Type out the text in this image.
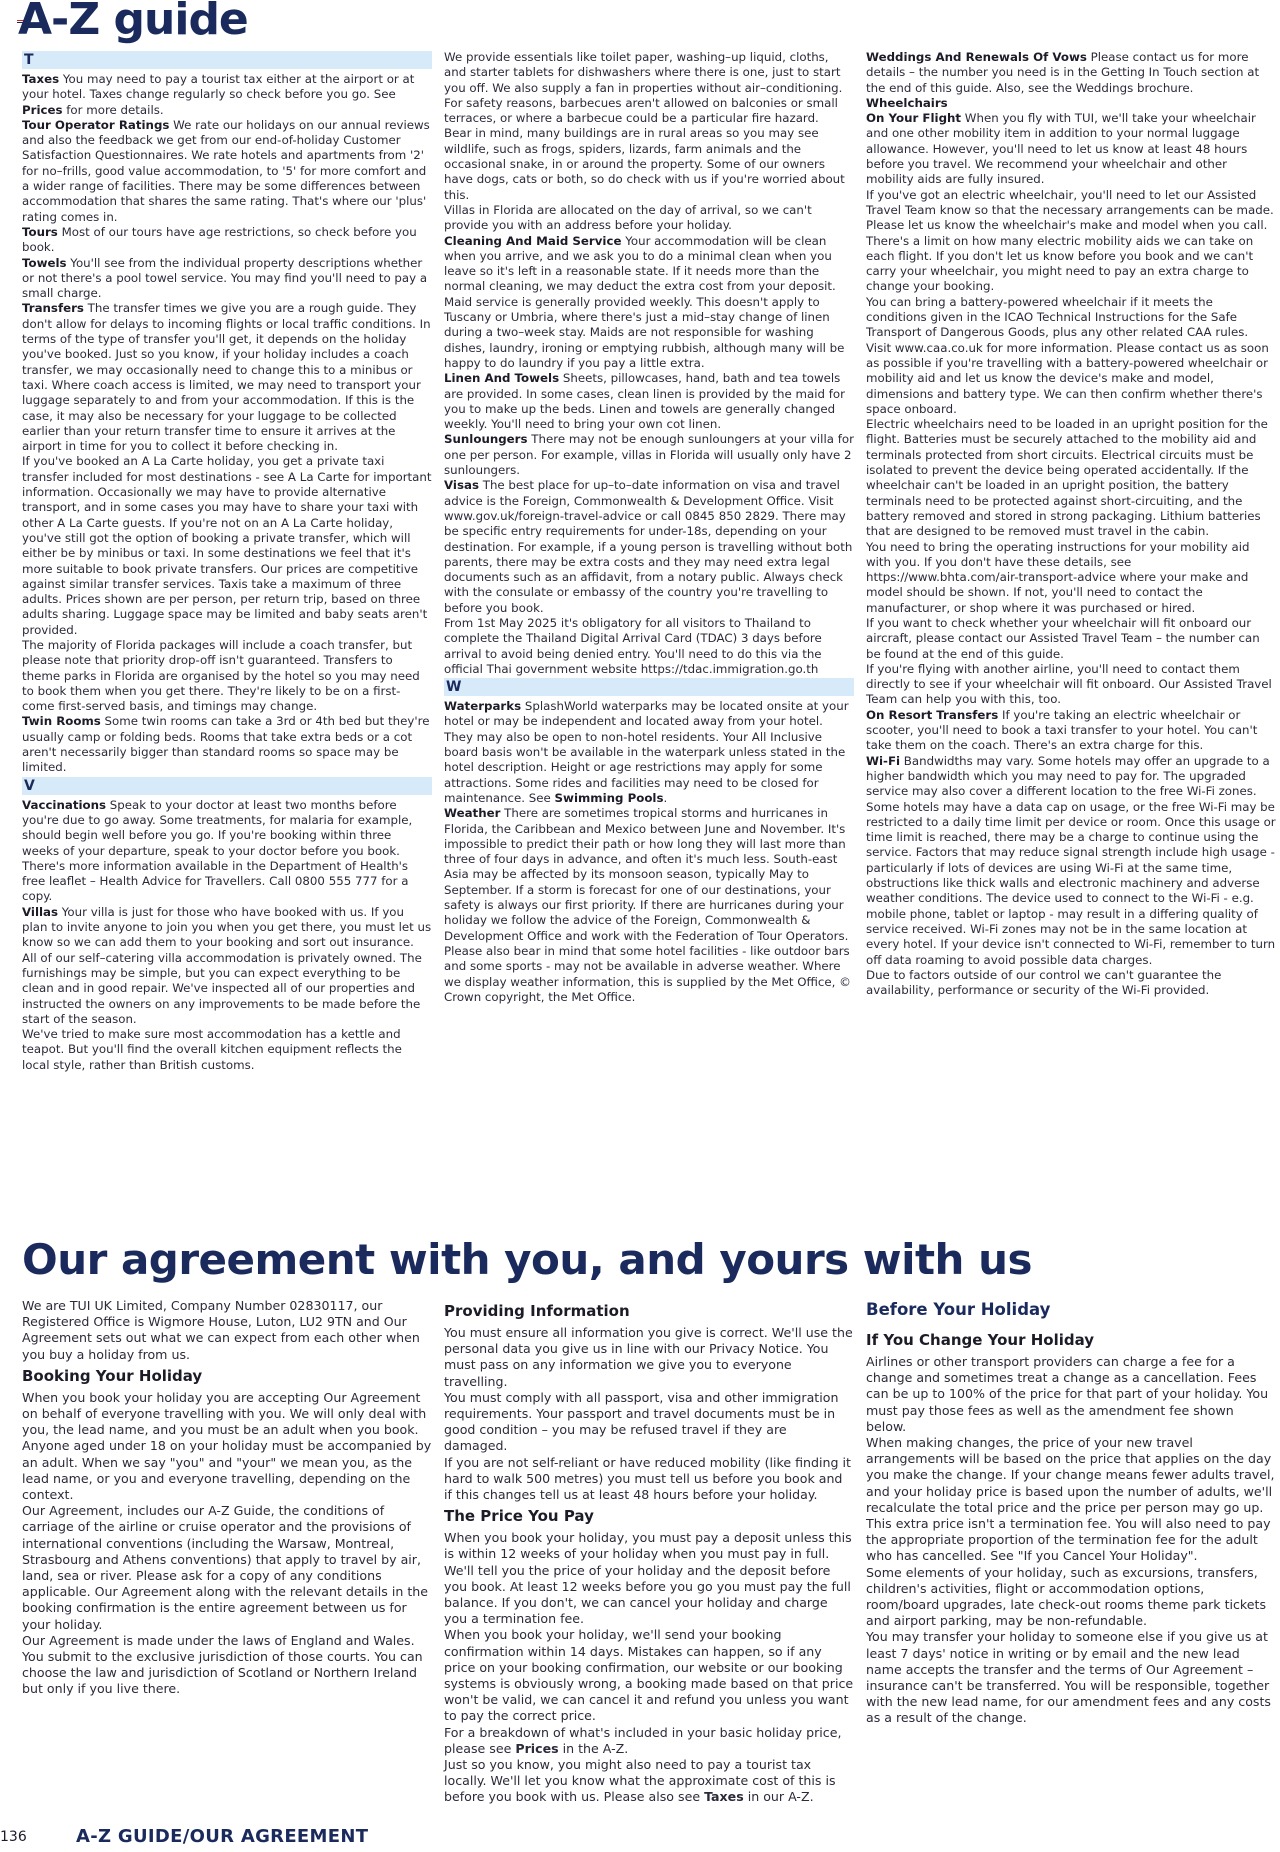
A-Z guide
T

Taxes You may need to pay a tourist tax either at the airport or at your hotel. Taxes change regularly so check before you go. See Prices for more details.

Tour Operator Ratings We rate our holidays on our annual reviews and also the feedback we get from our end-of-holiday Customer Satisfaction Questionnaires. We rate hotels and apartments from '2' for no–frills, good value accommodation, to '5' for more comfort and a wider range of facilities. There may be some differences between accommodation that shares the same rating. That's where our 'plus' rating comes in.

Tours Most of our tours have age restrictions, so check before you book.

Towels You'll see from the individual property descriptions whether or not there's a pool towel service. You may find you'll need to pay a small charge.

Transfers The transfer times we give you are a rough guide. They don't allow for delays to incoming flights or local traffic conditions. In terms of the type of transfer you'll get, it depends on the holiday you've booked. Just so you know, if your holiday includes a coach transfer, we may occasionally need to change this to a minibus or taxi. Where coach access is limited, we may need to transport your luggage separately to and from your accommodation. If this is the case, it may also be necessary for your luggage to be collected earlier than your return transfer time to ensure it arrives at the airport in time for you to collect it before checking in.

If you've booked an A La Carte holiday, you get a private taxi transfer included for most destinations - see A La Carte for important information. Occasionally we may have to provide alternative transport, and in some cases you may have to share your taxi with other A La Carte guests. If you're not on an A La Carte holiday, you've still got the option of booking a private transfer, which will either be by minibus or taxi. In some destinations we feel that it's more suitable to book private transfers. Our prices are competitive against similar transfer services. Taxis take a maximum of three adults. Prices shown are per person, per return trip, based on three adults sharing. Luggage space may be limited and baby seats aren't provided.

The majority of Florida packages will include a coach transfer, but please note that priority drop-off isn't guaranteed. Transfers to theme parks in Florida are organised by the hotel so you may need to book them when you get there. They're likely to be on a first-come first-served basis, and timings may change.

Twin Rooms Some twin rooms can take a 3rd or 4th bed but they're usually camp or folding beds. Rooms that take extra beds or a cot aren't necessarily bigger than standard rooms so space may be limited.

V

Vaccinations Speak to your doctor at least two months before you're due to go away. Some treatments, for malaria for example, should begin well before you go. If you're booking within three weeks of your departure, speak to your doctor before you book. There's more information available in the Department of Health's free leaflet – Health Advice for Travellers. Call 0800 555 777 for a copy.

Villas Your villa is just for those who have booked with us. If you plan to invite anyone to join you when you get there, you must let us know so we can add them to your booking and sort out insurance. All of our self–catering villa accommodation is privately owned. The furnishings may be simple, but you can expect everything to be clean and in good repair. We've inspected all of our properties and instructed the owners on any improvements to be made before the start of the season.

We've tried to make sure most accommodation has a kettle and teapot. But you'll find the overall kitchen equipment reflects the local style, rather than British customs.

We provide essentials like toilet paper, washing–up liquid, cloths, and starter tablets for dishwashers where there is one, just to start you off. We also supply a fan in properties without air–conditioning. For safety reasons, barbecues aren't allowed on balconies or small terraces, or where a barbecue could be a particular fire hazard.

Bear in mind, many buildings are in rural areas so you may see wildlife, such as frogs, spiders, lizards, farm animals and the occasional snake, in or around the property. Some of our owners have dogs, cats or both, so do check with us if you're worried about this.

Villas in Florida are allocated on the day of arrival, so we can't provide you with an address before your holiday.

Cleaning And Maid Service Your accommodation will be clean when you arrive, and we ask you to do a minimal clean when you leave so it's left in a reasonable state. If it needs more than the normal cleaning, we may deduct the extra cost from your deposit. Maid service is generally provided weekly. This doesn't apply to Tuscany or Umbria, where there's just a mid–stay change of linen during a two–week stay. Maids are not responsible for washing dishes, laundry, ironing or emptying rubbish, although many will be happy to do laundry if you pay a little extra.

Linen And Towels Sheets, pillowcases, hand, bath and tea towels are provided. In some cases, clean linen is provided by the maid for you to make up the beds. Linen and towels are generally changed weekly. You'll need to bring your own cot linen.

Sunloungers There may not be enough sunloungers at your villa for one per person. For example, villas in Florida will usually only have 2 sunloungers.

Visas The best place for up–to–date information on visa and travel advice is the Foreign, Commonwealth & Development Office. Visit www.gov.uk/foreign-travel-advice or call 0845 850 2829. There may be specific entry requirements for under-18s, depending on your destination. For example, if a young person is travelling without both parents, there may be extra costs and they may need extra legal documents such as an affidavit, from a notary public. Always check with the consulate or embassy of the country you're travelling to before you book.

From 1st May 2025 it's obligatory for all visitors to Thailand to complete the Thailand Digital Arrival Card (TDAC) 3 days before arrival to avoid being denied entry. You'll need to do this via the official Thai government website https://tdac.immigration.go.th

W

Waterparks SplashWorld waterparks may be located onsite at your hotel or may be independent and located away from your hotel. They may also be open to non-hotel residents. Your All Inclusive board basis won't be available in the waterpark unless stated in the hotel description. Height or age restrictions may apply for some attractions. Some rides and facilities may need to be closed for maintenance. See Swimming Pools.

Weather There are sometimes tropical storms and hurricanes in Florida, the Caribbean and Mexico between June and November. It's impossible to predict their path or how long they will last more than three of four days in advance, and often it's much less. South-east Asia may be affected by its monsoon season, typically May to September. If a storm is forecast for one of our destinations, your safety is always our first priority. If there are hurricanes during your holiday we follow the advice of the Foreign, Commonwealth & Development Office and work with the Federation of Tour Operators.

Please also bear in mind that some hotel facilities - like outdoor bars and some sports - may not be available in adverse weather. Where we display weather information, this is supplied by the Met Office, © Crown copyright, the Met Office.

Weddings And Renewals Of Vows Please contact us for more details – the number you need is in the Getting In Touch section at the end of this guide. Also, see the Weddings brochure.

Wheelchairs

On Your Flight When you fly with TUI, we'll take your wheelchair and one other mobility item in addition to your normal luggage allowance. However, you'll need to let us know at least 48 hours before you travel. We recommend your wheelchair and other mobility aids are fully insured.

If you've got an electric wheelchair, you'll need to let our Assisted Travel Team know so that the necessary arrangements can be made. Please let us know the wheelchair's make and model when you call. There's a limit on how many electric mobility aids we can take on each flight. If you don't let us know before you book and we can't carry your wheelchair, you might need to pay an extra charge to change your booking.

You can bring a battery-powered wheelchair if it meets the conditions given in the ICAO Technical Instructions for the Safe Transport of Dangerous Goods, plus any other related CAA rules. Visit www.caa.co.uk for more information. Please contact us as soon as possible if you're travelling with a battery-powered wheelchair or mobility aid and let us know the device's make and model, dimensions and battery type. We can then confirm whether there's space onboard.

Electric wheelchairs need to be loaded in an upright position for the flight. Batteries must be securely attached to the mobility aid and terminals protected from short circuits. Electrical circuits must be isolated to prevent the device being operated accidentally. If the wheelchair can't be loaded in an upright position, the battery terminals need to be protected against short-circuiting, and the battery removed and stored in strong packaging. Lithium batteries that are designed to be removed must travel in the cabin.

You need to bring the operating instructions for your mobility aid with you. If you don't have these details, see https://www.bhta.com/air-transport-advice where your make and model should be shown. If not, you'll need to contact the manufacturer, or shop where it was purchased or hired.

If you want to check whether your wheelchair will fit onboard our aircraft, please contact our Assisted Travel Team – the number can be found at the end of this guide.

If you're flying with another airline, you'll need to contact them directly to see if your wheelchair will fit onboard. Our Assisted Travel Team can help you with this, too.

On Resort Transfers If you're taking an electric wheelchair or scooter, you'll need to book a taxi transfer to your hotel. You can't take them on the coach. There's an extra charge for this.

Wi-Fi Bandwidths may vary. Some hotels may offer an upgrade to a higher bandwidth which you may need to pay for. The upgraded service may also cover a different location to the free Wi-Fi zones. Some hotels may have a data cap on usage, or the free Wi-Fi may be restricted to a daily time limit per device or room. Once this usage or time limit is reached, there may be a charge to continue using the service. Factors that may reduce signal strength include high usage - particularly if lots of devices are using Wi-Fi at the same time, obstructions like thick walls and electronic machinery and adverse weather conditions. The device used to connect to the Wi-Fi - e.g. mobile phone, tablet or laptop - may result in a differing quality of service received. Wi-Fi zones may not be in the same location at every hotel. If your device isn't connected to Wi-Fi, remember to turn off data roaming to avoid possible data charges.

Due to factors outside of our control we can't guarantee the availability, performance or security of the Wi-Fi provided.

Our agreement with you, and yours with us

We are TUI UK Limited, Company Number 02830117, our Registered Office is Wigmore House, Luton, LU2 9TN and Our Agreement sets out what we can expect from each other when you buy a holiday from us.

Booking Your Holiday

When you book your holiday you are accepting Our Agreement on behalf of everyone travelling with you. We will only deal with you, the lead name, and you must be an adult when you book. Anyone aged under 18 on your holiday must be accompanied by an adult. When we say "you" and "your" we mean you, as the lead name, or you and everyone travelling, depending on the context.

Our Agreement, includes our A-Z Guide, the conditions of carriage of the airline or cruise operator and the provisions of international conventions (including the Warsaw, Montreal, Strasbourg and Athens conventions) that apply to travel by air, land, sea or river. Please ask for a copy of any conditions applicable. Our Agreement along with the relevant details in the booking confirmation is the entire agreement between us for your holiday.

Our Agreement is made under the laws of England and Wales. You submit to the exclusive jurisdiction of those courts. You can choose the law and jurisdiction of Scotland or Northern Ireland but only if you live there.

Providing Information

You must ensure all information you give is correct. We'll use the personal data you give us in line with our Privacy Notice. You must pass on any information we give you to everyone travelling.

You must comply with all passport, visa and other immigration requirements. Your passport and travel documents must be in good condition – you may be refused travel if they are damaged.

If you are not self-reliant or have reduced mobility (like finding it hard to walk 500 metres) you must tell us before you book and if this changes tell us at least 48 hours before your holiday.

The Price You Pay

When you book your holiday, you must pay a deposit unless this is within 12 weeks of your holiday when you must pay in full. We'll tell you the price of your holiday and the deposit before you book. At least 12 weeks before you go you must pay the full balance. If you don't, we can cancel your holiday and charge you a termination fee.

When you book your holiday, we'll send your booking confirmation within 14 days. Mistakes can happen, so if any price on your booking confirmation, our website or our booking systems is obviously wrong, a booking made based on that price won't be valid, we can cancel it and refund you unless you want to pay the correct price.

For a breakdown of what's included in your basic holiday price, please see Prices in the A-Z.

Just so you know, you might also need to pay a tourist tax locally. We'll let you know what the approximate cost of this is before you book with us. Please also see Taxes in our A-Z.

Before Your Holiday
If You Change Your Holiday

Airlines or other transport providers can charge a fee for a change and sometimes treat a change as a cancellation. Fees can be up to 100% of the price for that part of your holiday. You must pay those fees as well as the amendment fee shown below.

When making changes, the price of your new travel arrangements will be based on the price that applies on the day you make the change. If your change means fewer adults travel, and your holiday price is based upon the number of adults, we'll recalculate the total price and the price per person may go up. This extra price isn't a termination fee. You will also need to pay the appropriate proportion of the termination fee for the adult who has cancelled. See "If you Cancel Your Holiday".

Some elements of your holiday, such as excursions, transfers, children's activities, flight or accommodation options, room/board upgrades, late check-out rooms theme park tickets and airport parking, may be non-refundable.

You may transfer your holiday to someone else if you give us at least 7 days' notice in writing or by email and the new lead name accepts the transfer and the terms of Our Agreement – insurance can't be transferred. You will be responsible, together with the new lead name, for our amendment fees and any costs as a result of the change.

136	A-Z GUIDE/OUR AGREEMENT
